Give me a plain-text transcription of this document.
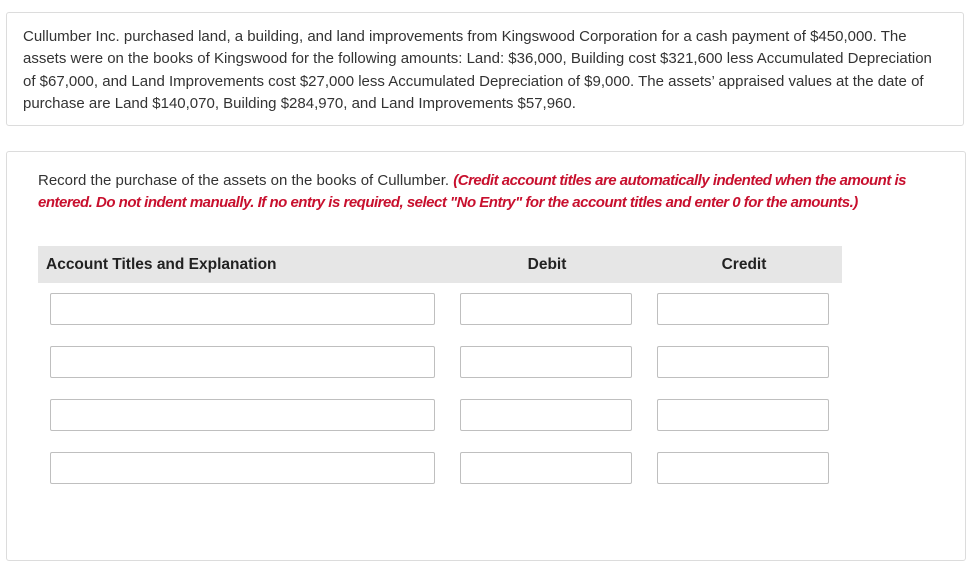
Cullumber Inc. purchased land, a building, and land improvements from Kingswood Corporation for a cash payment of $450,000. The assets were on the books of Kingswood for the following amounts: Land: $36,000, Building cost $321,600 less Accumulated Depreciation of $67,000, and Land Improvements cost $27,000 less Accumulated Depreciation of $9,000. The assets’ appraised values at the date of purchase are Land $140,070, Building $284,970, and Land Improvements $57,960.

Record the purchase of the assets on the books of Cullumber. (Credit account titles are automatically indented when the amount is entered. Do not indent manually. If no entry is required, select "No Entry" for the account titles and enter 0 for the amounts.)

Account Titles and Explanation	Debit	Credit
